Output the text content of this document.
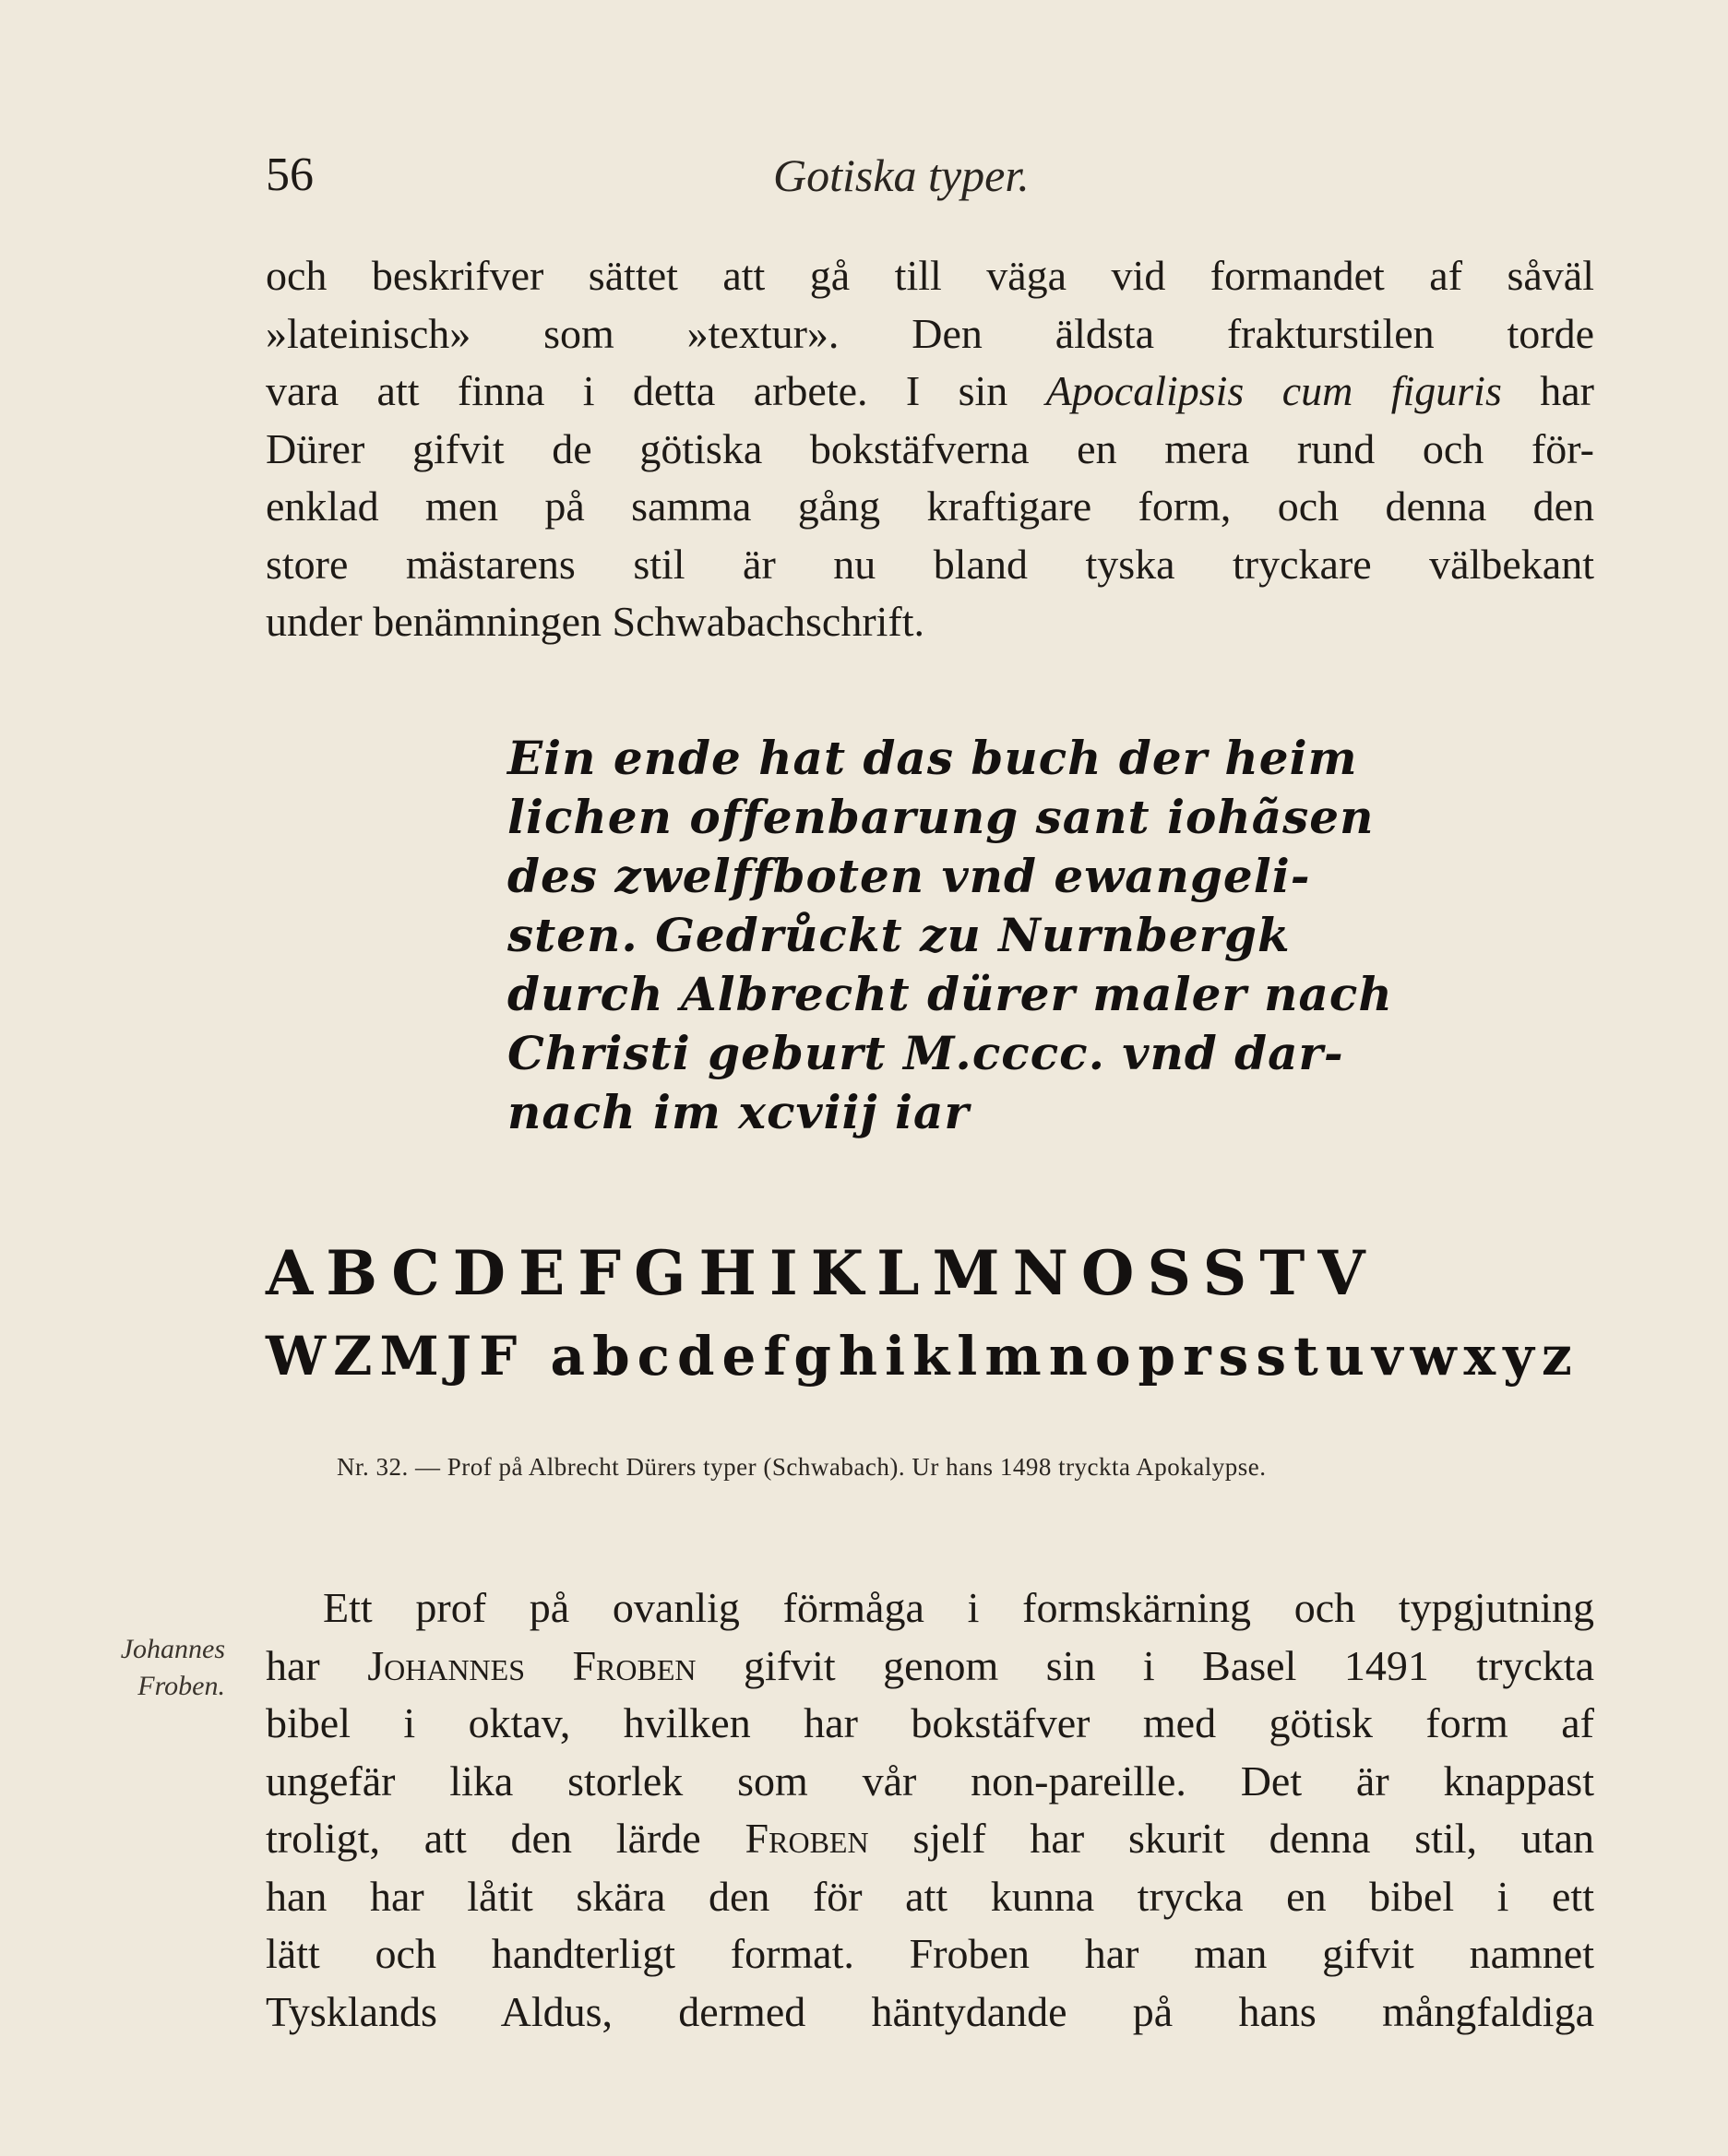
56	Gotiska typer.
och beskrifver sättet att gå till väga vid formandet af såväl
»lateinisch» som »textur». Den äldsta frakturstilen torde
vara att finna i detta arbete. I sin Apocalipsis cum figuris har
Dürer gifvit de götiska bokstäfverna en mera rund och för-
enklad men på samma gång kraftigare form, och denna den
store mästarens stil är nu bland tyska tryckare välbekant
under benämningen Schwabachschrift.
Ein ende hat das buch der heim
lichen offenbarung sant iohãsen
des zwelffboten vnd ewangeli-
sten. Gedrůckt zu Nurnbergk
durch Albrecht dürer maler nach
Christi geburt M.cccc. vnd dar-
nach im xcviij iar
ABCDEFGHIKLMNOSSTV
WZMJF abcdefghiklmnoprsstuvwxyz
Nr. 32. — Prof på Albrecht Dürers typer (Schwabach). Ur hans 1498 tryckta Apokalypse.
Johannes
Froben.
Ett prof på ovanlig förmåga i formskärning och typgjutning
har Johannes Froben gifvit genom sin i Basel 1491 tryckta
bibel i oktav, hvilken har bokstäfver med götisk form af
ungefär lika storlek som vår non-pareille. Det är knappast
troligt, att den lärde Froben sjelf har skurit denna stil, utan
han har låtit skära den för att kunna trycka en bibel i ett
lätt och handterligt format. Froben har man gifvit namnet
Tysklands Aldus, dermed häntydande på hans mångfaldiga
